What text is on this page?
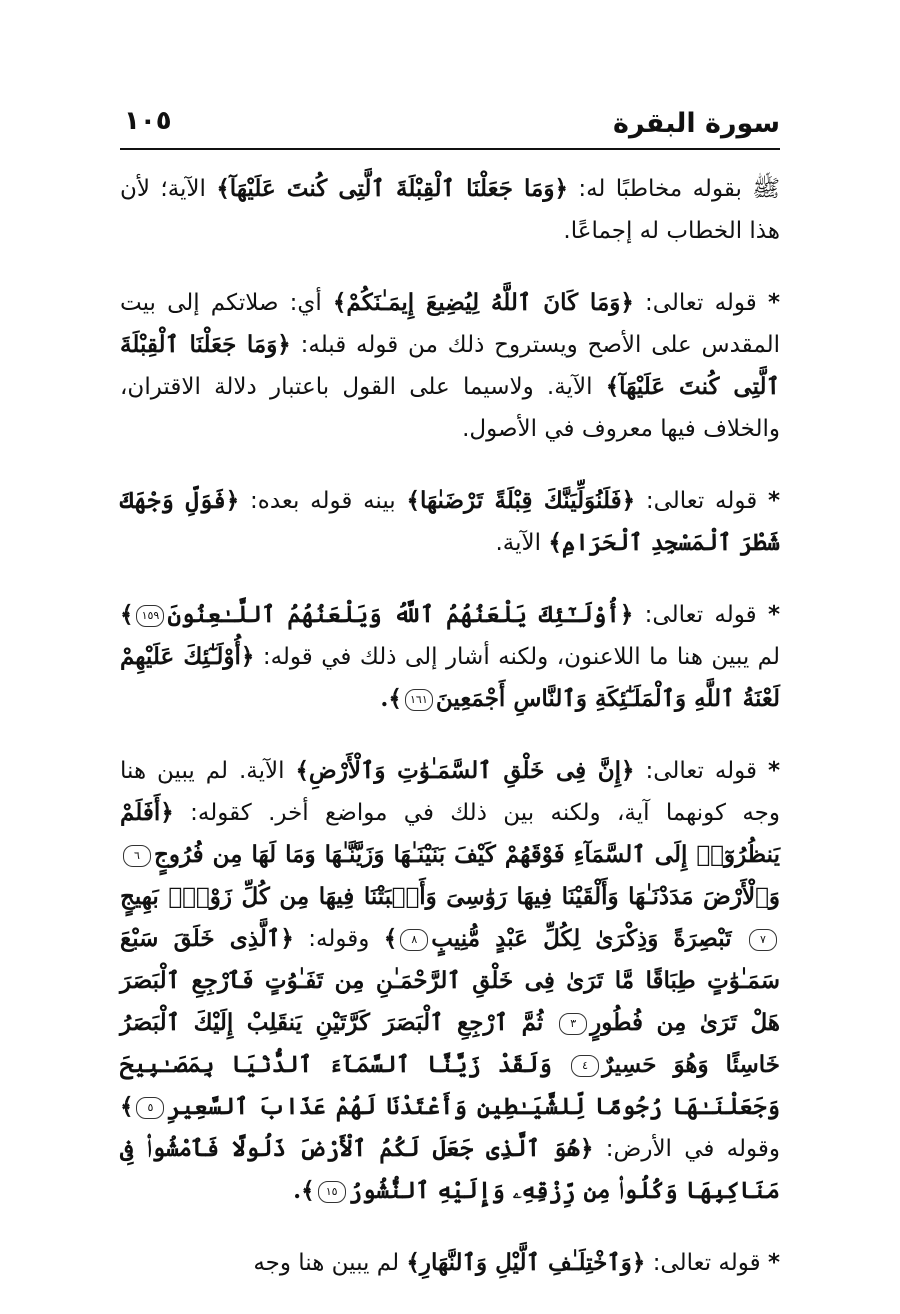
سورة البقرة
١٠٥

ﷺ بقوله مخاطبًا له: ﴿وَمَا جَعَلْنَا ٱلْقِبْلَةَ ٱلَّتِى كُنتَ عَلَيْهَآ﴾ الآية؛ لأن هذا الخطاب له إجماعًا.

* قوله تعالى: ﴿وَمَا كَانَ ٱللَّهُ لِيُضِيعَ إِيمَـٰنَكُمْ﴾ أي: صلاتكم إلى بيت المقدس على الأصح ويستروح ذلك من قوله قبله: ﴿وَمَا جَعَلْنَا ٱلْقِبْلَةَ ٱلَّتِى كُنتَ عَلَيْهَآ﴾ الآية. ولاسيما على القول باعتبار دلالة الاقتران، والخلاف فيها معروف في الأصول.

* قوله تعالى: ﴿فَلَنُوَلِّيَنَّكَ قِبْلَةً تَرْضَىٰهَا﴾ بينه قوله بعده: ﴿فَوَلِّ وَجْهَكَ شَطْرَ ٱلْمَسْجِدِ ٱلْحَرَامِ﴾ الآية.

* قوله تعالى: ﴿أُوْلَـٰٓئِكَ يَلْعَنُهُمُ ٱللَّهُ وَيَلْعَنُهُمُ ٱللَّـٰعِنُونَ١٥٩﴾ لم يبين هنا ما اللاعنون، ولكنه أشار إلى ذلك في قوله: ﴿أُوْلَـٰٓئِكَ عَلَيْهِمْ لَعْنَةُ ٱللَّهِ وَٱلْمَلَـٰٓئِكَةِ وَٱلنَّاسِ أَجْمَعِينَ١٦١﴾.

* قوله تعالى: ﴿إِنَّ فِى خَلْقِ ٱلسَّمَـٰوَٰتِ وَٱلْأَرْضِ﴾ الآية. لم يبين هنا وجه كونهما آية، ولكنه بين ذلك في مواضع أخر. كقوله: ﴿أَفَلَمْ يَنظُرُوٓا۟ إِلَى ٱلسَّمَآءِ فَوْقَهُمْ كَيْفَ بَنَيْنَـٰهَا وَزَيَّنَّـٰهَا وَمَا لَهَا مِن فُرُوجٍ٦ وَٱلْأَرْضَ مَدَدْنَـٰهَا وَأَلْقَيْنَا فِيهَا رَوَٰسِىَ وَأَنۢبَتْنَا فِيهَا مِن كُلِّ زَوْجٍۭ بَهِيجٍ٧ تَبْصِرَةً وَذِكْرَىٰ لِكُلِّ عَبْدٍ مُّنِيبٍ٨﴾ وقوله: ﴿ٱلَّذِى خَلَقَ سَبْعَ سَمَـٰوَٰتٍ طِبَاقًا مَّا تَرَىٰ فِى خَلْقِ ٱلرَّحْمَـٰنِ مِن تَفَـٰوُتٍ فَٱرْجِعِ ٱلْبَصَرَ هَلْ تَرَىٰ مِن فُطُورٍ٣ ثُمَّ ٱرْجِعِ ٱلْبَصَرَ كَرَّتَيْنِ يَنقَلِبْ إِلَيْكَ ٱلْبَصَرُ خَاسِئًا وَهُوَ حَسِيرٌ٤ وَلَقَدْ زَيَّنَّا ٱلسَّمَآءَ ٱلدُّنْيَا بِمَصَـٰبِيحَ وَجَعَلْنَـٰهَا رُجُومًا لِّلشَّيَـٰطِينِ وَأَعْتَدْنَا لَهُمْ عَذَابَ ٱلسَّعِيرِ٥﴾ وقوله في الأرض: ﴿هُوَ ٱلَّذِى جَعَلَ لَكُمُ ٱلْأَرْضَ ذَلُولًا فَٱمْشُوا۟ فِى مَنَاكِبِهَا وَكُلُوا۟ مِن رِّزْقِهِۦ وَإِلَيْهِ ٱلنُّشُورُ١٥﴾.

* قوله تعالى: ﴿وَٱخْتِلَـٰفِ ٱلَّيْلِ وَٱلنَّهَارِ﴾ لم يبين هنا وجه
